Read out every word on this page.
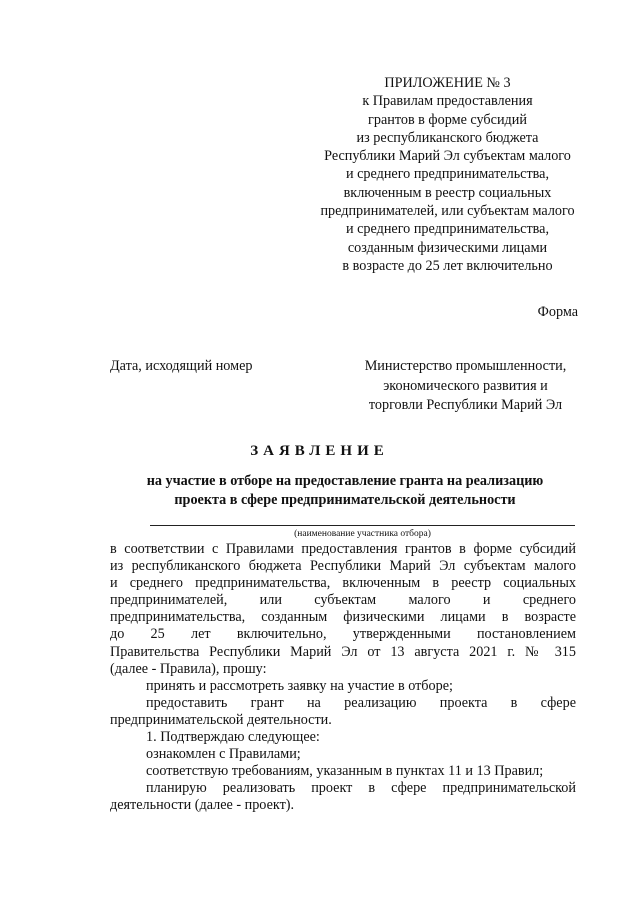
ПРИЛОЖЕНИЕ № 3
к Правилам предоставления
грантов в форме субсидий
из республиканского бюджета
Республики Марий Эл субъектам малого
и среднего предпринимательства,
включенным в реестр социальных
предпринимателей, или субъектам малого
и среднего предпринимательства,
созданным физическими лицами
в возрасте до 25 лет включительно
Форма
Дата, исходящий номер	Министерство промышленности,
экономического развития и
торговли Республики Марий Эл
ЗАЯВЛЕНИЕ
на участие в отборе на предоставление гранта на реализацию
проекта в сфере предпринимательской деятельности
(наименование участника отбора)
в соответствии с Правилами предоставления грантов в форме субсидий
из республиканского бюджета Республики Марий Эл субъектам малого
и среднего предпринимательства, включенным в реестр социальных
предпринимателей, или субъектам малого и среднего
предпринимательства, созданным физическими лицами в возрасте
до 25 лет включительно, утвержденными постановлением
Правительства Республики Марий Эл от 13 августа 2021 г. № 315
(далее - Правила), прошу:
принять и рассмотреть заявку на участие в отборе;
предоставить грант на реализацию проекта в сфере
предпринимательской деятельности.
1. Подтверждаю следующее:
ознакомлен с Правилами;
соответствую требованиям, указанным в пунктах 11 и 13 Правил;
планирую реализовать проект в сфере предпринимательской
деятельности (далее - проект).
